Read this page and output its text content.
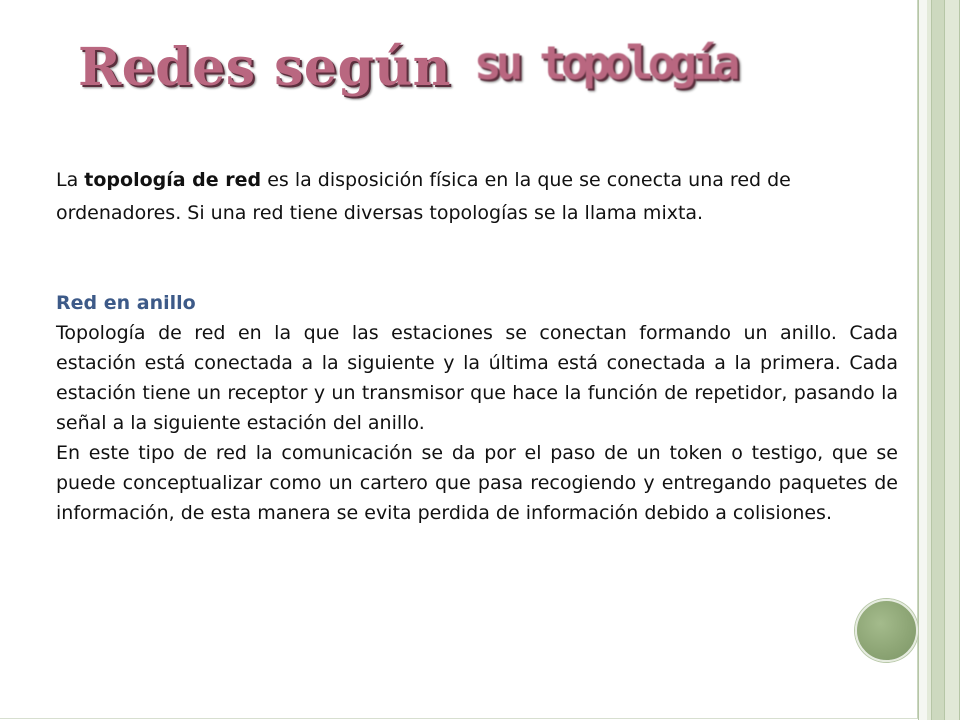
Redes según su topología
La topología de red es la disposición física en la que se conecta una red de ordenadores. Si una red tiene diversas topologías se la llama mixta.
Red en anillo

Topología de red en la que las estaciones se conectan formando un anillo. Cada estación está conectada a la siguiente y la última está conectada a la primera. Cada estación tiene un receptor y un transmisor que hace la función de repetidor, pasando la señal a la siguiente estación del anillo.

En este tipo de red la comunicación se da por el paso de un token o testigo, que se puede conceptualizar como un cartero que pasa recogiendo y entregando paquetes de información, de esta manera se evita perdida de información debido a colisiones.
